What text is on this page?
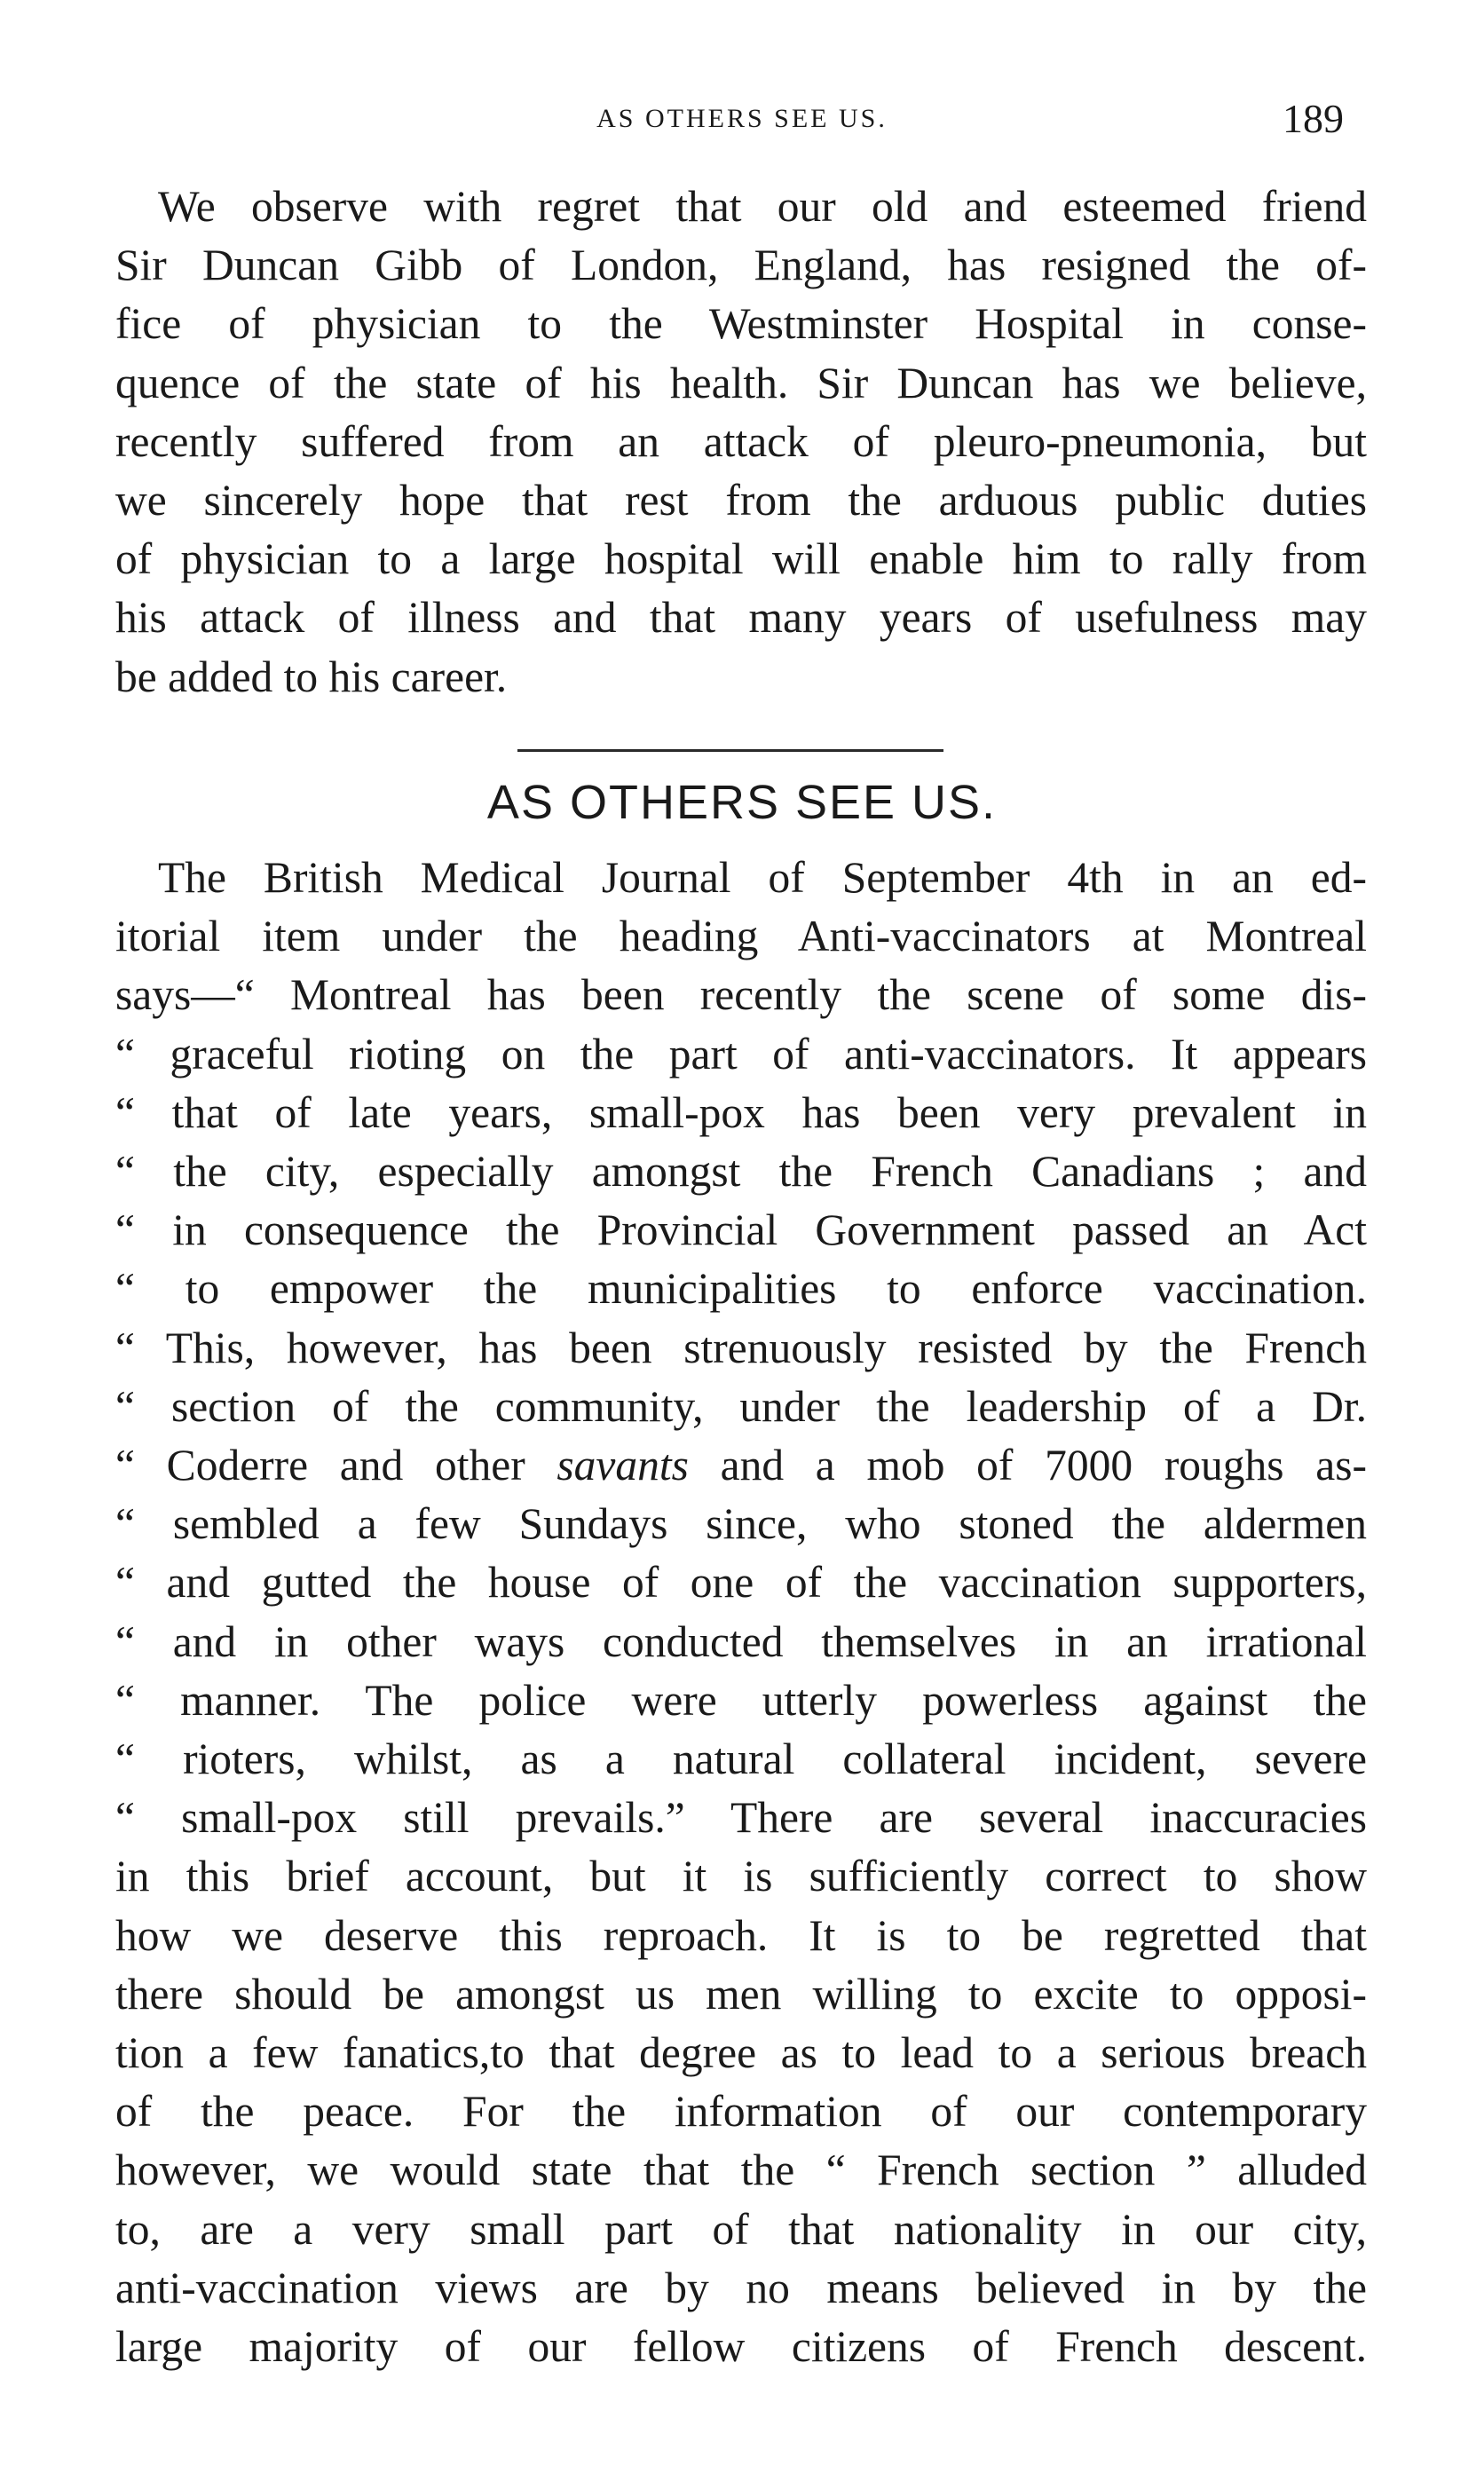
AS OTHERS SEE US.	189

We observe with regret that our old and esteemed friend
Sir Duncan Gibb of London, England, has resigned the of-
fice of physician to the Westminster Hospital in conse-
quence of the state of his health. Sir Duncan has we believe,
recently suffered from an attack of pleuro-pneumonia, but
we sincerely hope that rest from the arduous public duties
of physician to a large hospital will enable him to rally from
his attack of illness and that many years of usefulness may
be added to his career.

AS OTHERS SEE US.

The British Medical Journal of September 4th in an ed-
itorial item under the heading Anti-vaccinators at Montreal
says—“ Montreal has been recently the scene of some dis-
“ graceful rioting on the part of anti-vaccinators. It appears
“ that of late years, small-pox has been very prevalent in
“ the city, especially amongst the French Canadians ; and
“ in consequence the Provincial Government passed an Act
“ to empower the municipalities to enforce vaccination.
“ This, however, has been strenuously resisted by the French
“ section of the community, under the leadership of a Dr.
“ Coderre and other savants and a mob of 7000 roughs as-
“ sembled a few Sundays since, who stoned the aldermen
“ and gutted the house of one of the vaccination supporters,
“ and in other ways conducted themselves in an irrational
“ manner. The police were utterly powerless against the
“ rioters, whilst, as a natural collateral incident, severe
“ small-pox still prevails.” There are several inaccuracies
in this brief account, but it is sufficiently correct to show
how we deserve this reproach. It is to be regretted that
there should be amongst us men willing to excite to opposi-
tion a few fanatics,to that degree as to lead to a serious breach
of the peace. For the information of our contemporary
however, we would state that the “ French section ” alluded
to, are a very small part of that nationality in our city,
anti-vaccination views are by no means believed in by the
large majority of our fellow citizens of French descent.
